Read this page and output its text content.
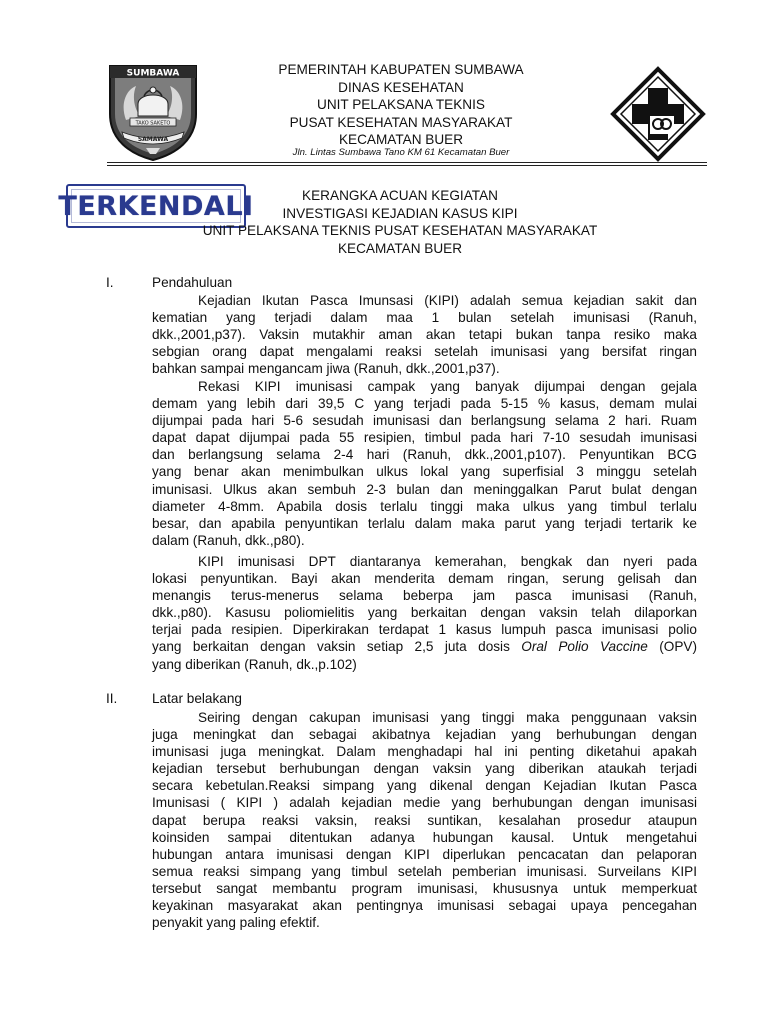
SUMBAWA
TAKO SAKETO
SAMAWA
PEMERINTAH KABUPATEN SUMBAWA
DINAS KESEHATAN
UNIT PELAKSANA TEKNIS
PUSAT KESEHATAN MASYARAKAT
KECAMATAN BUER
Jln. Lintas Sumbawa Tano KM 61 Kecamatan Buer
TERKENDALI	KERANGKA ACUAN KEGIATAN
INVESTIGASI KEJADIAN KASUS KIPI
UNIT PELAKSANA TEKNIS PUSAT KESEHATAN MASYARAKAT
KECAMATAN BUER
I.	Pendahuluan
Kejadian Ikutan Pasca Imunsasi (KIPI) adalah semua kejadian sakit dan
kematian yang terjadi dalam maa 1 bulan setelah imunisasi (Ranuh,
dkk.,2001,p37). Vaksin mutakhir aman akan tetapi bukan tanpa resiko maka
sebgian orang dapat mengalami reaksi setelah imunisasi yang bersifat ringan
bahkan sampai mengancam jiwa (Ranuh, dkk.,2001,p37).
Rekasi KIPI imunisasi campak yang banyak dijumpai dengan gejala
demam yang lebih dari 39,5 C yang terjadi pada 5-15 % kasus, demam mulai
dijumpai pada hari 5-6 sesudah imunisasi dan berlangsung selama 2 hari. Ruam
dapat dapat dijumpai pada 55 resipien, timbul pada hari 7-10 sesudah imunisasi
dan berlangsung selama 2-4 hari (Ranuh, dkk.,2001,p107). Penyuntikan BCG
yang benar akan menimbulkan ulkus lokal yang superfisial 3 minggu setelah
imunisasi. Ulkus akan sembuh 2-3 bulan dan meninggalkan Parut bulat dengan
diameter 4-8mm. Apabila dosis terlalu tinggi maka ulkus yang timbul terlalu
besar, dan apabila penyuntikan terlalu dalam maka parut yang terjadi tertarik ke
dalam (Ranuh, dkk.,p80).
KIPI imunisasi DPT diantaranya kemerahan, bengkak dan nyeri pada
lokasi penyuntikan. Bayi akan menderita demam ringan, serung gelisah dan
menangis terus-menerus selama beberpa jam pasca imunisasi (Ranuh,
dkk.,p80). Kasusu poliomielitis yang berkaitan dengan vaksin telah dilaporkan
terjai pada resipien. Diperkirakan terdapat 1 kasus lumpuh pasca imunisasi polio
yang berkaitan dengan vaksin setiap 2,5 juta dosis Oral Polio Vaccine (OPV)
yang diberikan (Ranuh, dk.,p.102)
II.	Latar belakang
Seiring dengan cakupan imunisasi yang tinggi maka penggunaan vaksin
juga meningkat dan sebagai akibatnya kejadian yang berhubungan dengan
imunisasi juga meningkat. Dalam menghadapi hal ini penting diketahui apakah
kejadian tersebut berhubungan dengan vaksin yang diberikan ataukah terjadi
secara kebetulan.Reaksi simpang yang dikenal dengan Kejadian Ikutan Pasca
Imunisasi ( KIPI ) adalah kejadian medie yang berhubungan dengan imunisasi
dapat berupa reaksi vaksin, reaksi suntikan, kesalahan prosedur ataupun
koinsiden sampai ditentukan adanya hubungan kausal. Untuk mengetahui
hubungan antara imunisasi dengan KIPI diperlukan pencacatan dan pelaporan
semua reaksi simpang yang timbul setelah pemberian imunisasi. Surveilans KIPI
tersebut sangat membantu program imunisasi, khususnya untuk memperkuat
keyakinan masyarakat akan pentingnya imunisasi sebagai upaya pencegahan
penyakit yang paling efektif.
